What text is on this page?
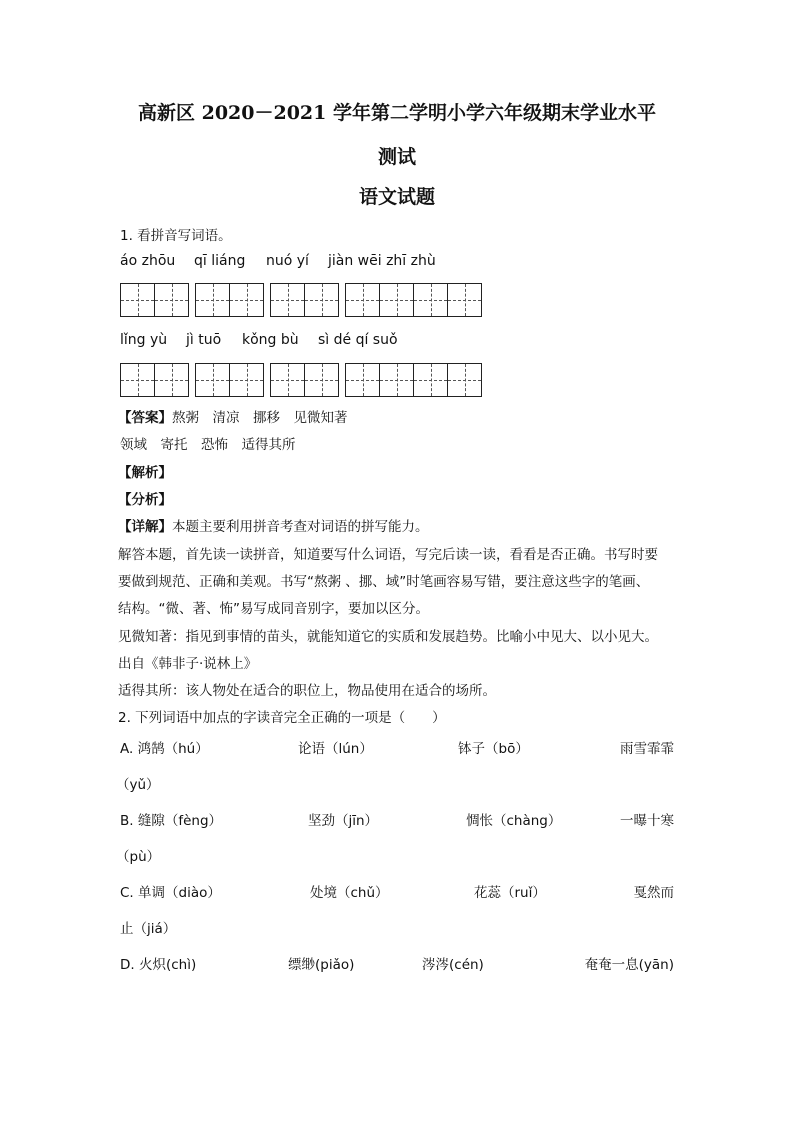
高新区 2020－2021 学年第二学明小学六年级期末学业水平
测试
语文试题
1. 看拼音写词语。
áo zhōu qī liáng nuó yí jiàn wēi zhī zhù
lǐng yù jì tuō kǒng bù sì dé qí suǒ
【答案】熬粥　清凉　挪移　见微知著
领域　寄托　恐怖　适得其所
【解析】
【分析】
【详解】本题主要利用拼音考查对词语的拼写能力。
解答本题，首先读一读拼音，知道要写什么词语，写完后读一读，看看是否正确。书写时要
要做到规范、正确和美观。书写“熬粥 、挪、域”时笔画容易写错，要注意这些字的笔画、
结构。“微、著、怖”易写成同音别字，要加以区分。
见微知著：指见到事情的苗头，就能知道它的实质和发展趋势。比喻小中见大、以小见大。
出自《韩非子·说林上》
适得其所：该人物处在适合的职位上，物品使用在适合的场所。
2. 下列词语中加点的字读音完全正确的一项是（　　）
A. 鸿鹄（hú）	论语（lún）	钵子（bō）	雨雪霏霏
（yǔ）
B. 缝隙（fèng）	坚劲（jīn）	惆怅（chàng）	一曝十寒
（pù）
C. 单调（diào）	处境（chǔ）	花蕊（ruǐ）	戛然而
止（jiá）
D. 火炽(chì)	缥缈(piǎo)	涔涔(cén)	奄奄一息(yān)
